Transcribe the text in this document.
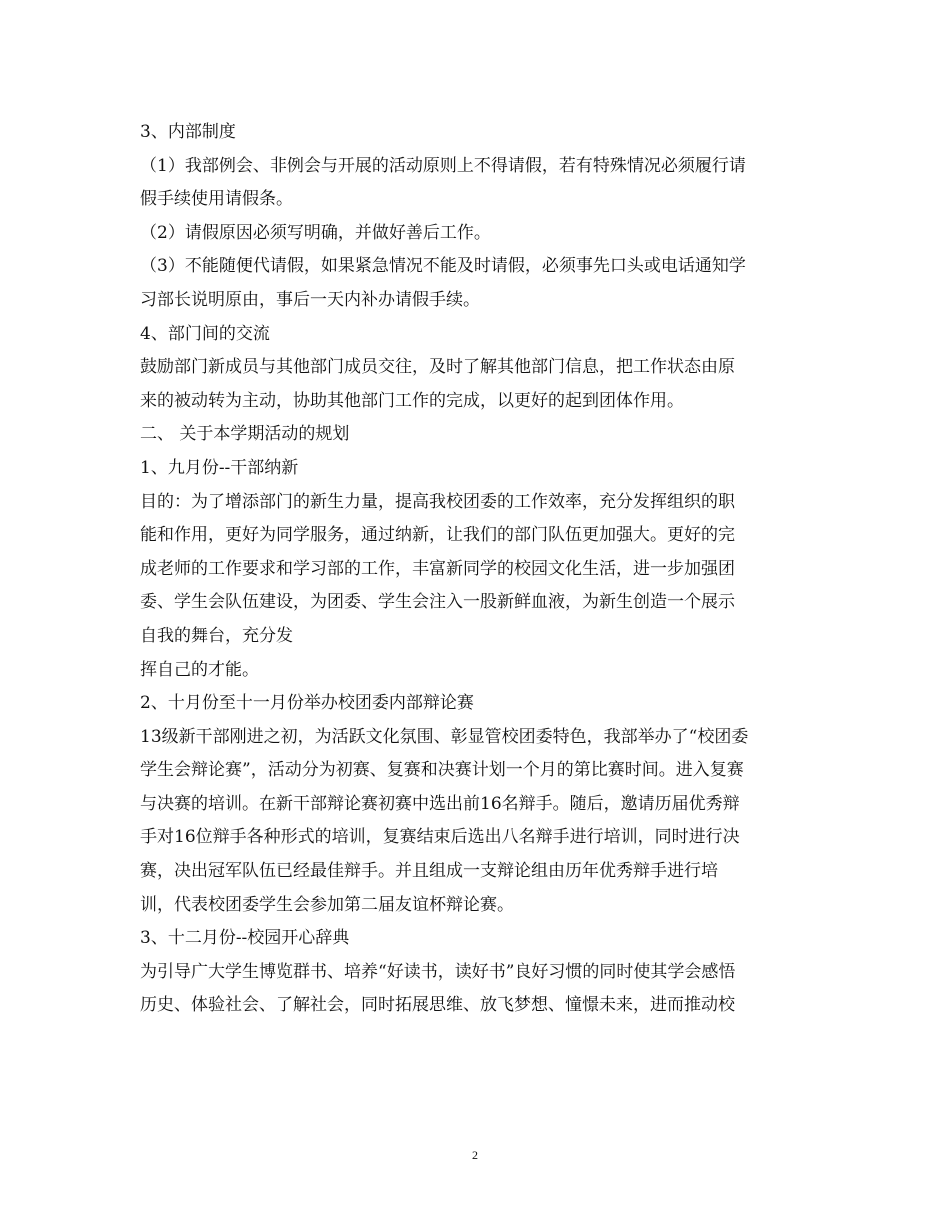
3、内部制度
（1）我部例会、非例会与开展的活动原则上不得请假，若有特殊情况必须履行请
假手续使用请假条。
（2）请假原因必须写明确，并做好善后工作。
（3）不能随便代请假，如果紧急情况不能及时请假，必须事先口头或电话通知学
习部长说明原由，事后一天内补办请假手续。
4、部门间的交流
鼓励部门新成员与其他部门成员交往，及时了解其他部门信息，把工作状态由原
来的被动转为主动，协助其他部门工作的完成，以更好的起到团体作用。
二、 关于本学期活动的规划
1、九月份--干部纳新
目的：为了增添部门的新生力量，提高我校团委的工作效率，充分发挥组织的职
能和作用，更好为同学服务，通过纳新，让我们的部门队伍更加强大。更好的完
成老师的工作要求和学习部的工作，丰富新同学的校园文化生活，进一步加强团
委、学生会队伍建设，为团委、学生会注入一股新鲜血液，为新生创造一个展示
自我的舞台，充分发
挥自己的才能。
2、十月份至十一月份举办校团委内部辩论赛
13级新干部刚进之初，为活跃文化氛围、彰显管校团委特色，我部举办了“校团委
学生会辩论赛”，活动分为初赛、复赛和决赛计划一个月的第比赛时间。进入复赛
与决赛的培训。在新干部辩论赛初赛中选出前16名辩手。随后，邀请历届优秀辩
手对16位辩手各种形式的培训，复赛结束后选出八名辩手进行培训，同时进行决
赛，决出冠军队伍已经最佳辩手。并且组成一支辩论组由历年优秀辩手进行培
训，代表校团委学生会参加第二届友谊杯辩论赛。
3、十二月份--校园开心辞典
为引导广大学生博览群书、培养“好读书，读好书”良好习惯的同时使其学会感悟
历史、体验社会、了解社会，同时拓展思维、放飞梦想、憧憬未来，进而推动校
2
